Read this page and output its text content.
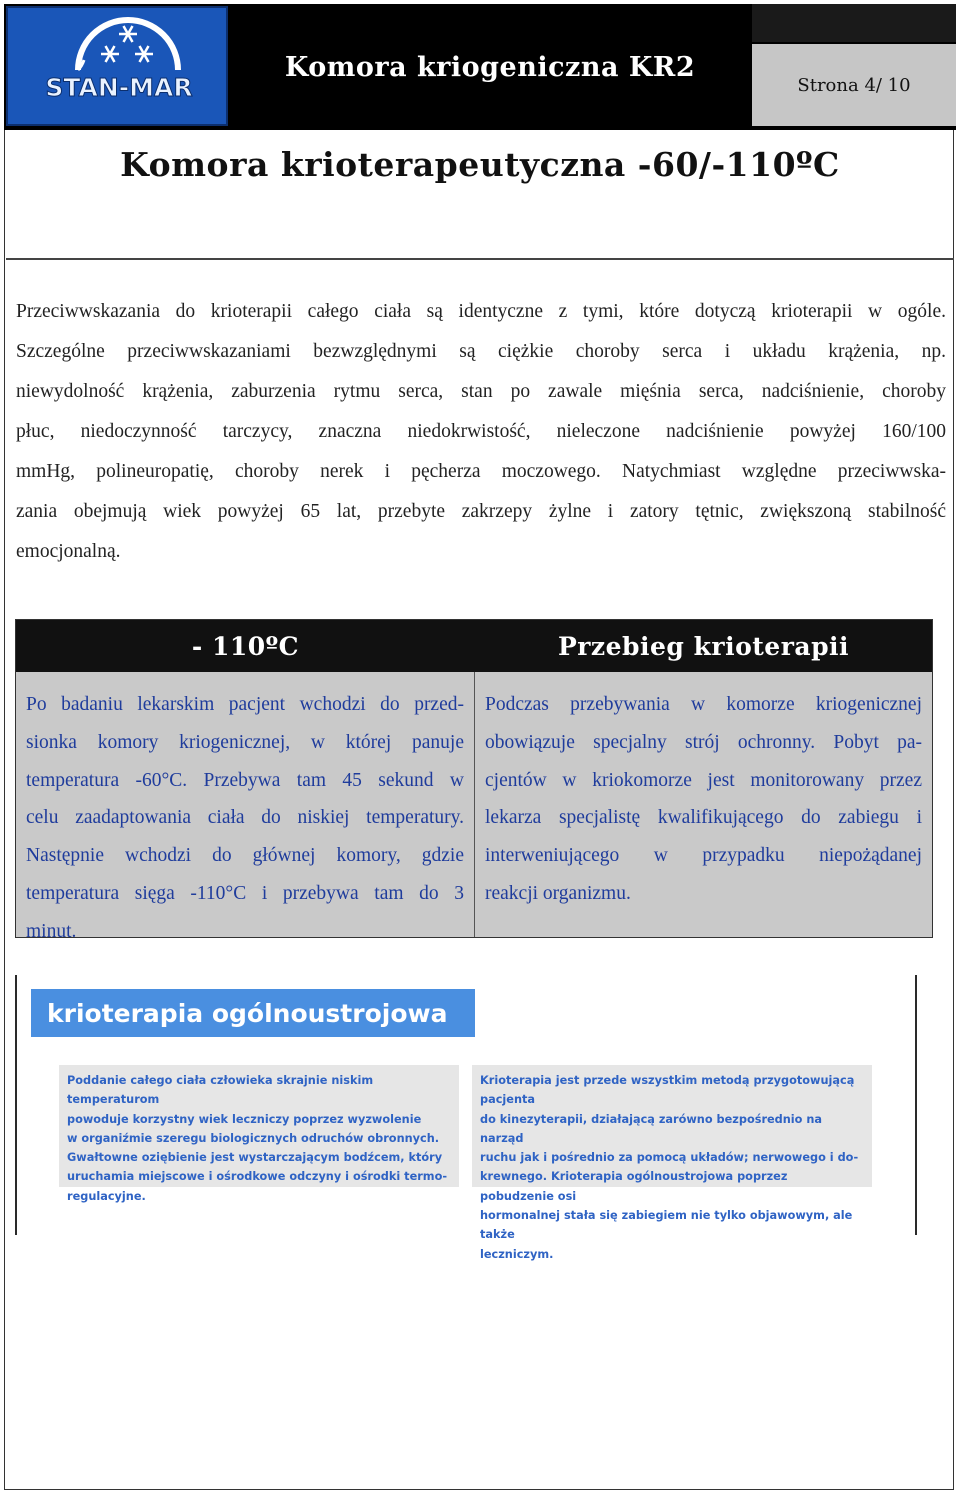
STAN-MAR
Komora kriogeniczna KR2
Strona 4/ 10
Komora krioterapeutyczna -60/-110ºC
Przeciwwskazania do krioterapii całego ciała są identyczne z tymi, które dotyczą krioterapii w ogóle.
Szczególne przeciwwskazaniami bezwzględnymi są ciężkie choroby serca i układu krążenia, np.
niewydolność krążenia, zaburzenia rytmu serca, stan po zawale mięśnia serca, nadciśnienie, choroby
płuc, niedoczynność tarczycy, znaczna niedokrwistość, nieleczone nadciśnienie powyżej 160/100
mmHg, polineuropatię, choroby nerek i pęcherza moczowego. Natychmiast względne przeciwwska-
zania obejmują wiek powyżej 65 lat, przebyte zakrzepy żylne i zatory tętnic, zwiększoną stabilność
emocjonalną.
- 110ºC	Przebieg krioterapii
Po badaniu lekarskim pacjent wchodzi do przed-
sionka komory kriogenicznej, w której panuje
temperatura -60°C. Przebywa tam 45 sekund w
celu zaadaptowania ciała do niskiej temperatury.
Następnie wchodzi do głównej komory, gdzie
temperatura sięga -110°C i przebywa tam do 3
minut.
Podczas przebywania w komorze kriogenicznej
obowiązuje specjalny strój ochronny. Pobyt pa-
cjentów w kriokomorze jest monitorowany przez
lekarza specjalistę kwalifikującego do zabiegu i
interweniującego w przypadku niepożądanej
reakcji organizmu.
krioterapia ogólnoustrojowa
Poddanie całego ciała człowieka skrajnie niskim temperaturom
powoduje korzystny wiek leczniczy poprzez wyzwolenie
w organiźmie szeregu biologicznych odruchów obronnych.
Gwałtowne oziębienie jest wystarczającym bodźcem, który
uruchamia miejscowe i ośrodkowe odczyny i ośrodki termo-
regulacyjne.
Krioterapia jest przede wszystkim metodą przygotowującą pacjenta
do kinezyterapii, działającą zarówno bezpośrednio na narząd
ruchu jak i pośrednio za pomocą układów; nerwowego i do-
krewnego. Krioterapia ogólnoustrojowa poprzez pobudzenie osi
hormonalnej stała się zabiegiem nie tylko objawowym, ale także
leczniczym.
